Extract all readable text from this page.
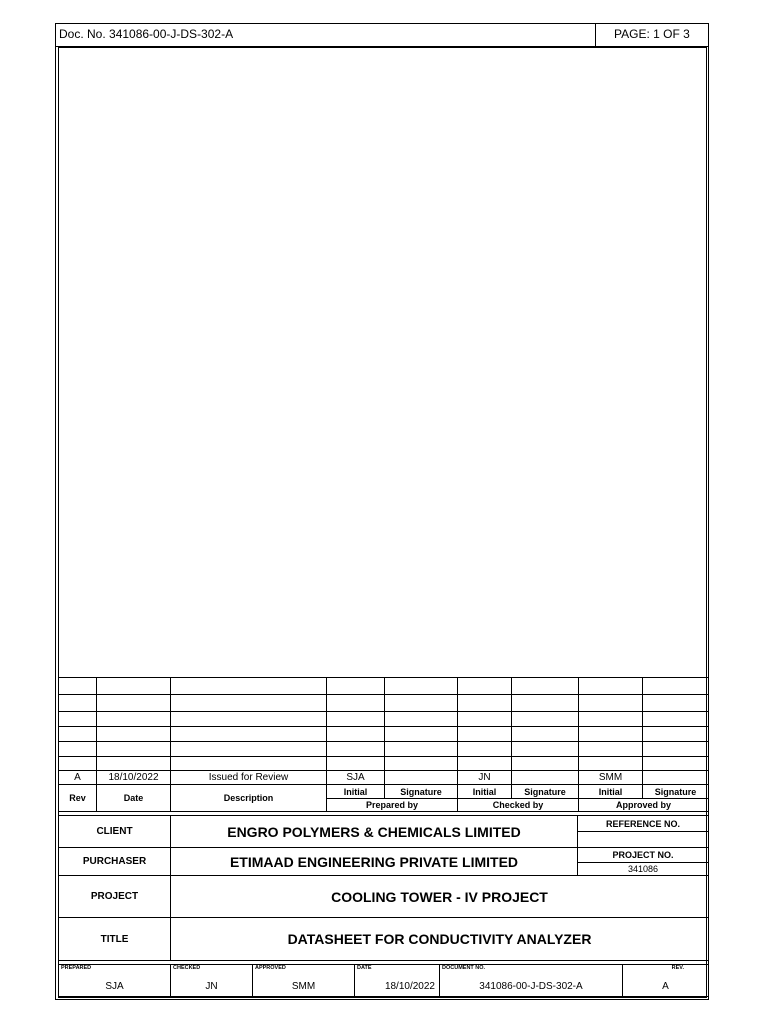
Doc. No. 341086-00-J-DS-302-A	PAGE: 1 OF 3

A	18/10/2022	Issued for Review	SJA		JN		SMM	
Rev	Date	Description	Initial	Signature	Initial	Signature	Initial	Signature
			Prepared by		Checked by		Approved by	
CLIENT	ENGRO POLYMERS & CHEMICALS LIMITED	REFERENCE NO.

PURCHASER	ETIMAAD ENGINEERING PRIVATE LIMITED	PROJECT NO.
		341086
PROJECT	COOLING TOWER - IV PROJECT	
TITLE	DATASHEET FOR CONDUCTIVITY ANALYZER	
PREPARED	CHECKED	APPROVED	DATE	DOCUMENT NO.	REV.
SJA	JN	SMM	18/10/2022	341086-00-J-DS-302-A	A
